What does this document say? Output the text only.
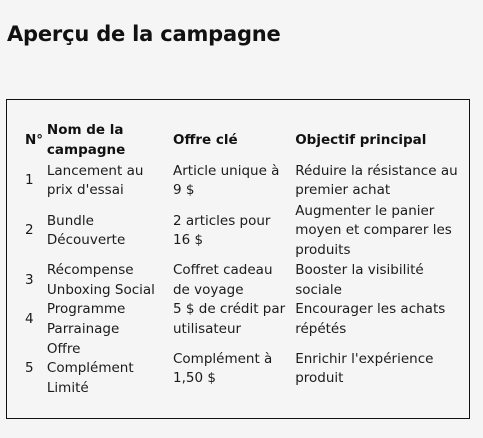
Aperçu de la campagne
N°	Nom de la campagne	Offre clé	Objectif principal
1	Lancement au prix d'essai	Article unique à 9 $	Réduire la résistance au premier achat
2	Bundle Découverte	2 articles pour 16 $	Augmenter le panier moyen et comparer les produits
3	Récompense Unboxing Social	Coffret cadeau de voyage	Booster la visibilité sociale
4	Programme Parrainage	5 $ de crédit par utilisateur	Encourager les achats répétés
5	Offre Complément Limité	Complément à 1,50 $	Enrichir l'expérience produit
